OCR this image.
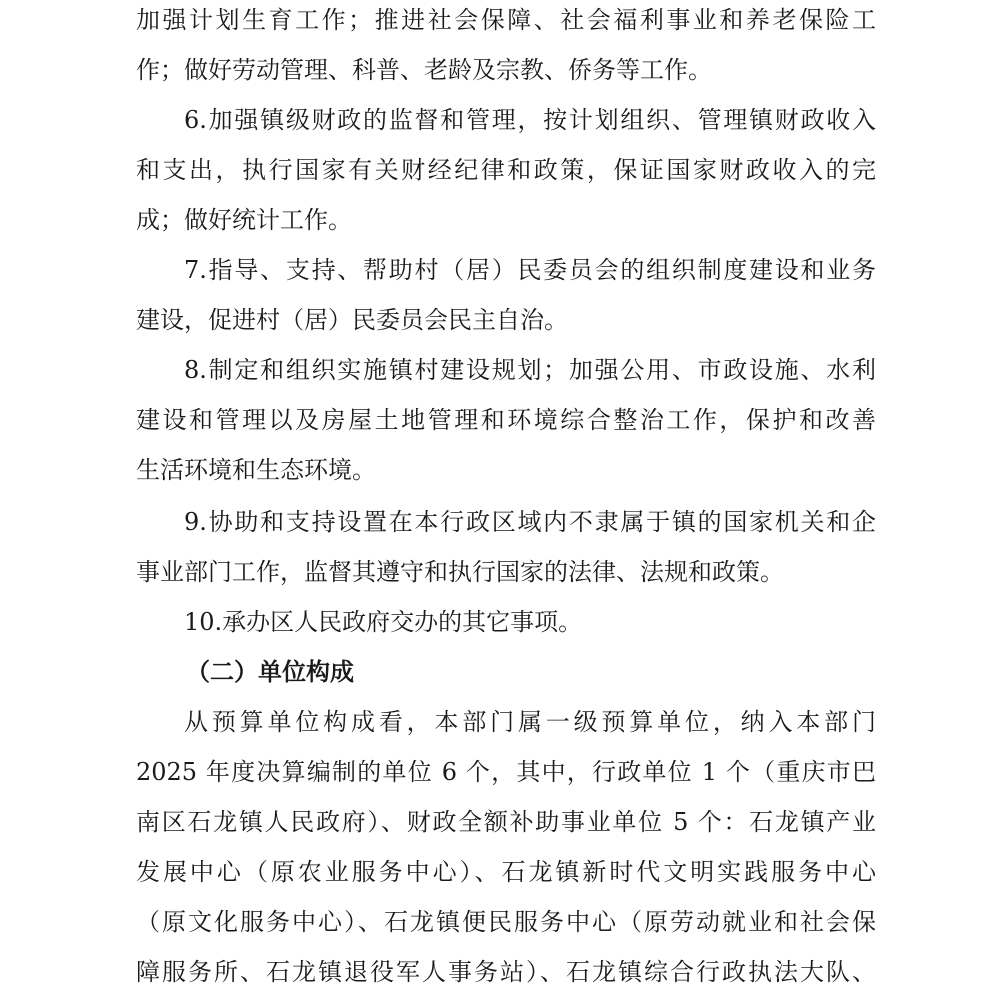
加强计划生育工作；推进社会保障、社会福利事业和养老保险工
作；做好劳动管理、科普、老龄及宗教、侨务等工作。
6.加强镇级财政的监督和管理，按计划组织、管理镇财政收入
和支出，执行国家有关财经纪律和政策，保证国家财政收入的完
成；做好统计工作。
7.指导、支持、帮助村（居）民委员会的组织制度建设和业务
建设，促进村（居）民委员会民主自治。
8.制定和组织实施镇村建设规划；加强公用、市政设施、水利
建设和管理以及房屋土地管理和环境综合整治工作，保护和改善
生活环境和生态环境。
9.协助和支持设置在本行政区域内不隶属于镇的国家机关和企
事业部门工作，监督其遵守和执行国家的法律、法规和政策。
10.承办区人民政府交办的其它事项。
（二）单位构成
从预算单位构成看，本部门属一级预算单位，纳入本部门
2025 年度决算编制的单位 6 个，其中，行政单位 1 个（重庆市巴
南区石龙镇人民政府）、财政全额补助事业单位 5 个：石龙镇产业
发展中心（原农业服务中心）、石龙镇新时代文明实践服务中心
（原文化服务中心）、石龙镇便民服务中心（原劳动就业和社会保
障服务所、石龙镇退役军人事务站）、石龙镇综合行政执法大队、
